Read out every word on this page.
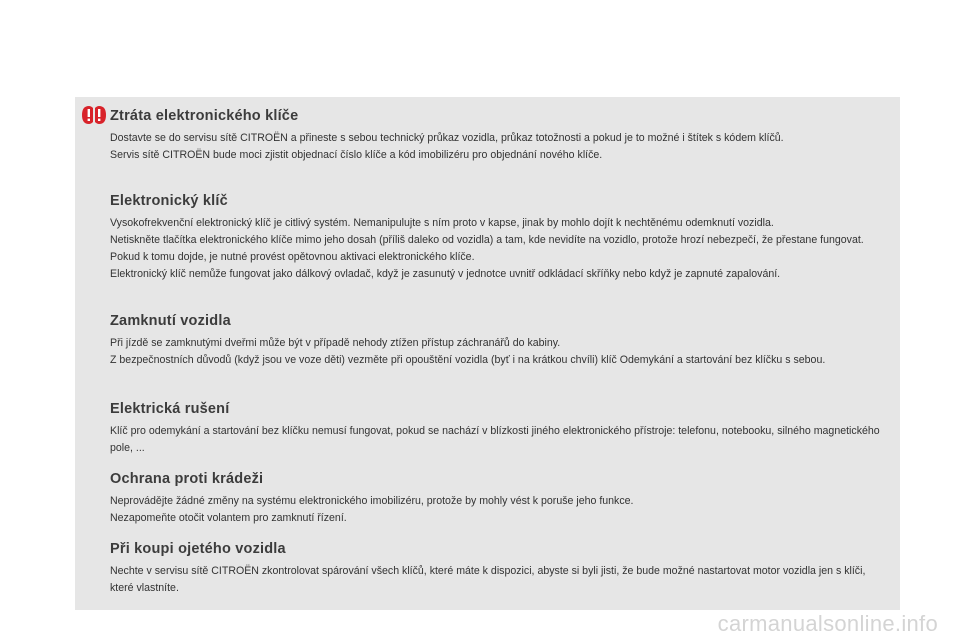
Ztráta elektronického klíče

Dostavte se do servisu sítě CITROËN a přineste s sebou technický průkaz vozidla, průkaz totožnosti a pokud je to možné i štítek s kódem klíčů.

Servis sítě CITROËN bude moci zjistit objednací číslo klíče a kód imobilizéru pro objednání nového klíče.

Elektronický klíč

Vysokofrekvenční elektronický klíč je citlivý systém. Nemanipulujte s ním proto v kapse, jinak by mohlo dojít k nechtěnému odemknutí vozidla.

Netiskněte tlačítka elektronického klíče mimo jeho dosah (příliš daleko od vozidla) a tam, kde nevidíte na vozidlo, protože hrozí nebezpečí, že přestane fungovat. Pokud k tomu dojde, je nutné provést opětovnou aktivaci elektronického klíče.

Elektronický klíč nemůže fungovat jako dálkový ovladač, když je zasunutý v jednotce uvnitř odkládací skříňky nebo když je zapnuté zapalování.

Zamknutí vozidla

Při jízdě se zamknutými dveřmi může být v případě nehody ztížen přístup záchranářů do kabiny.

Z bezpečnostních důvodů (když jsou ve voze děti) vezměte při opouštění vozidla (byť i na krátkou chvíli) klíč Odemykání a startování bez klíčku s sebou.

Elektrická rušení

Klíč pro odemykání a startování bez klíčku nemusí fungovat, pokud se nachází v blízkosti jiného elektronického přístroje: telefonu, notebooku, silného magnetického pole, ...

Ochrana proti krádeži

Neprovádějte žádné změny na systému elektronického imobilizéru, protože by mohly vést k poruše jeho funkce.

Nezapomeňte otočit volantem pro zamknutí řízení.

Při koupi ojetého vozidla

Nechte v servisu sítě CITROËN zkontrolovat spárování všech klíčů, které máte k dispozici, abyste si byli jisti, že bude možné nastartovat motor vozidla jen s klíči, které vlastníte.

carmanualsonline.info
